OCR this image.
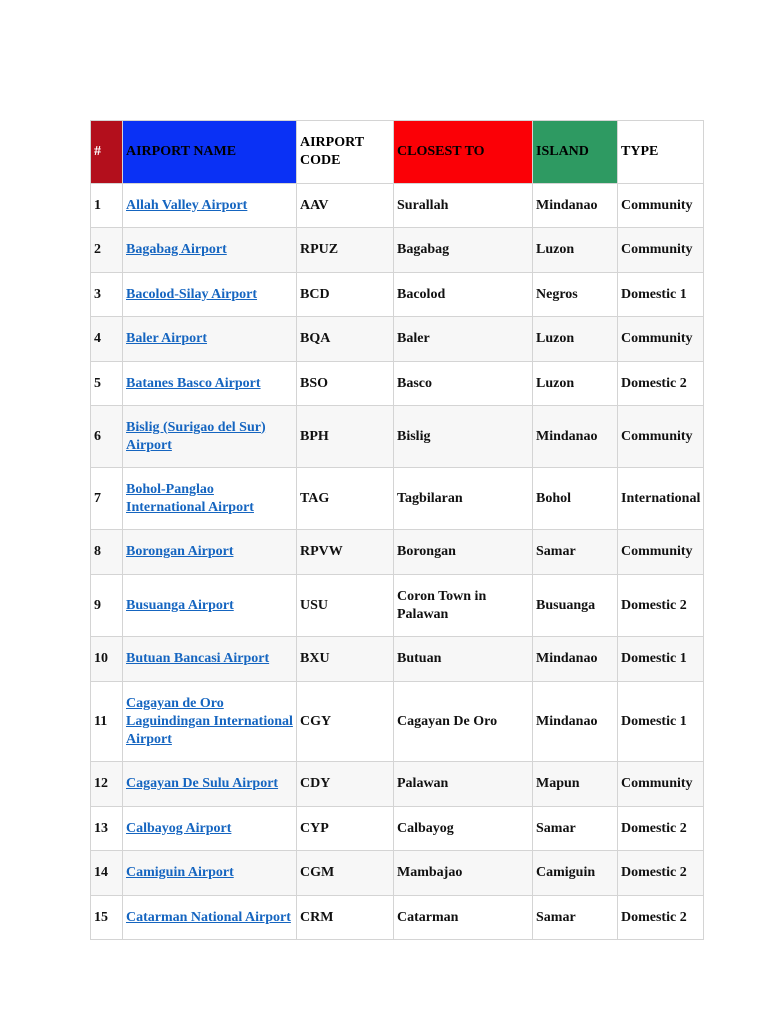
#	AIRPORT NAME	AIRPORT CODE	CLOSEST TO	ISLAND	TYPE
1	Allah Valley Airport	AAV	Surallah	Mindanao	Community
2	Bagabag Airport	RPUZ	Bagabag	Luzon	Community
3	Bacolod-Silay Airport	BCD	Bacolod	Negros	Domestic 1
4	Baler Airport	BQA	Baler	Luzon	Community
5	Batanes Basco Airport	BSO	Basco	Luzon	Domestic 2
6	Bislig (Surigao del Sur) Airport	BPH	Bislig	Mindanao	Community
7	Bohol-Panglao International Airport	TAG	Tagbilaran	Bohol	International
8	Borongan Airport	RPVW	Borongan	Samar	Community
9	Busuanga Airport	USU	Coron Town in Palawan	Busuanga	Domestic 2
10	Butuan Bancasi Airport	BXU	Butuan	Mindanao	Domestic 1
11	Cagayan de Oro Laguindingan International Airport	CGY	Cagayan De Oro	Mindanao	Domestic 1
12	Cagayan De Sulu Airport	CDY	Palawan	Mapun	Community
13	Calbayog Airport	CYP	Calbayog	Samar	Domestic 2
14	Camiguin Airport	CGM	Mambajao	Camiguin	Domestic 2
15	Catarman National Airport	CRM	Catarman	Samar	Domestic 2
